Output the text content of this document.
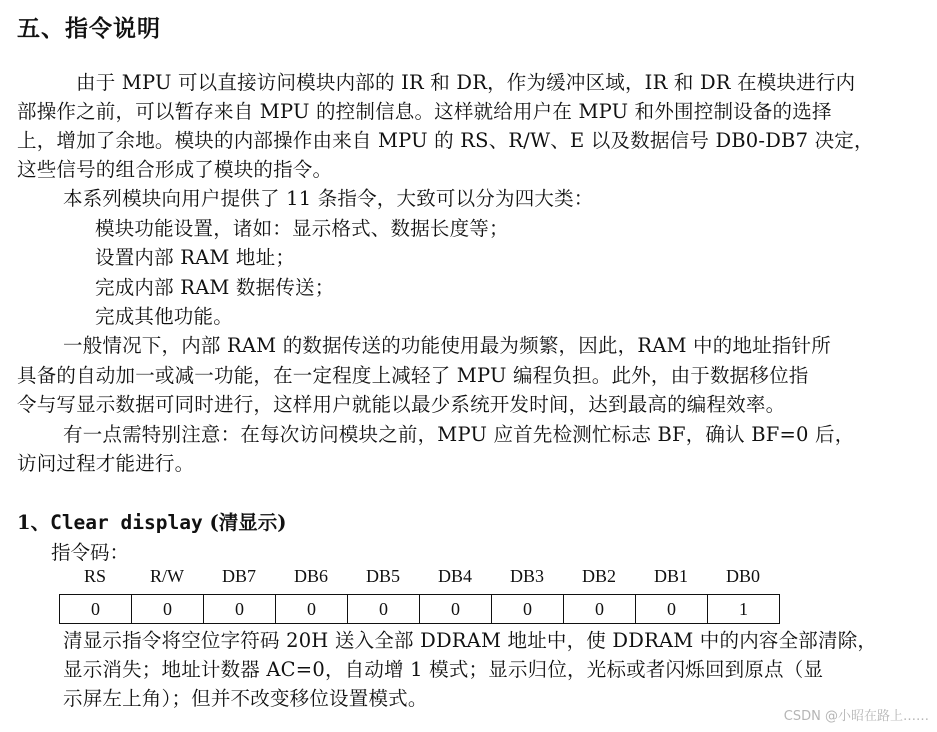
五、指令说明
由于 MPU 可以直接访问模块内部的 IR 和 DR，作为缓冲区域，IR 和 DR 在模块进行内
部操作之前，可以暂存来自 MPU 的控制信息。这样就给用户在 MPU 和外围控制设备的选择
上，增加了余地。模块的内部操作由来自 MPU 的 RS、R/W、E 以及数据信号 DB0-DB7 决定，
这些信号的组合形成了模块的指令。
本系列模块向用户提供了 11 条指令，大致可以分为四大类：
模块功能设置，诸如：显示格式、数据长度等；
设置内部 RAM 地址；
完成内部 RAM 数据传送；
完成其他功能。
一般情况下，内部 RAM 的数据传送的功能使用最为频繁，因此，RAM 中的地址指针所
具备的自动加一或减一功能，在一定程度上减轻了 MPU 编程负担。此外，由于数据移位指
令与写显示数据可同时进行，这样用户就能以最少系统开发时间，达到最高的编程效率。
有一点需特别注意：在每次访问模块之前，MPU 应首先检测忙标志 BF，确认 BF=0 后，
访问过程才能进行。
1、Clear display (清显示)
指令码：
RS	R/W	DB7	DB6	DB5	DB4	DB3	DB2	DB1	DB0
0	0	0	0	0	0	0	0	0	1
清显示指令将空位字符码 20H 送入全部 DDRAM 地址中，使 DDRAM 中的内容全部清除，
显示消失；地址计数器 AC=0，自动增 1 模式；显示归位，光标或者闪烁回到原点（显
示屏左上角）；但并不改变移位设置模式。
CSDN @小昭在路上……
